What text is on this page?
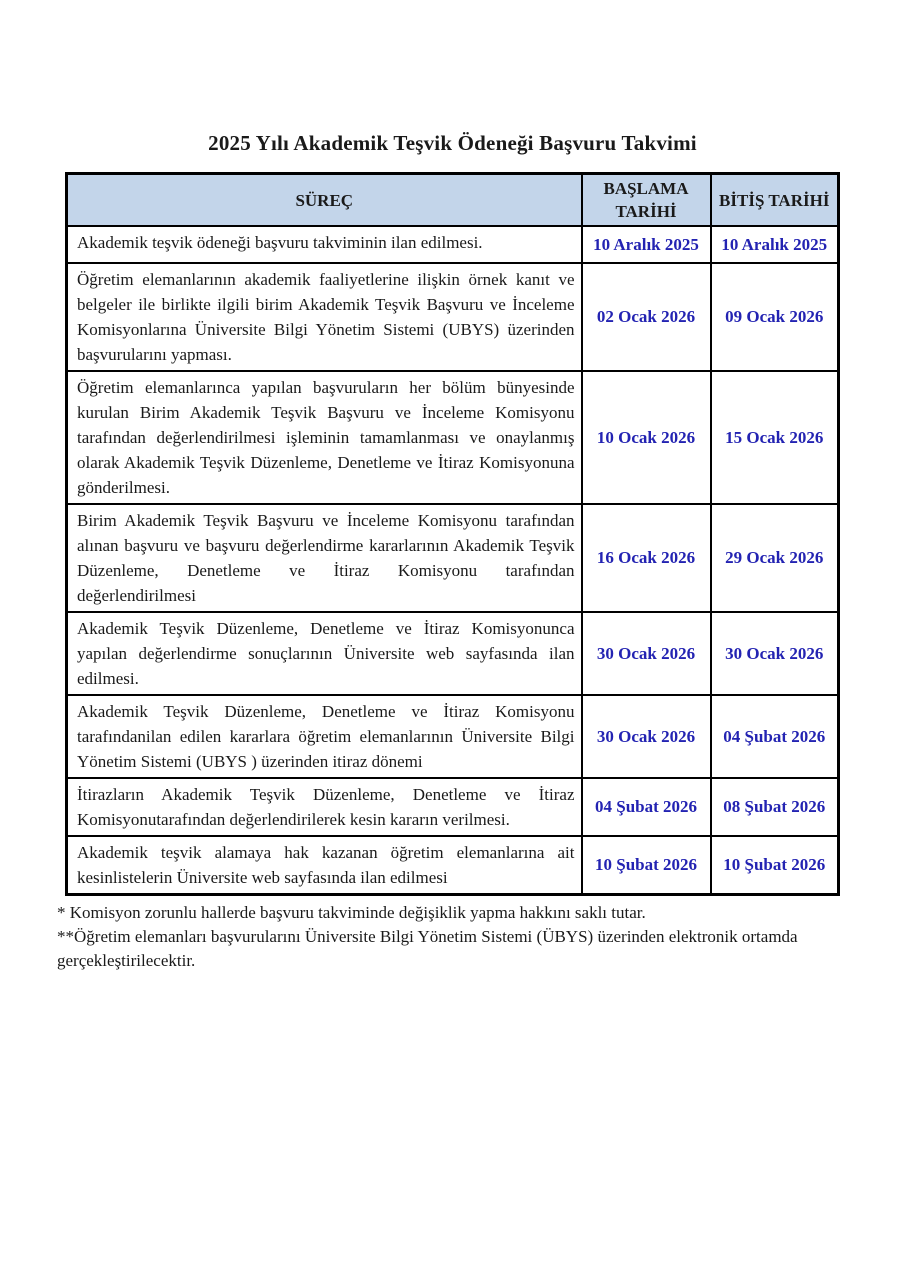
2025 Yılı Akademik Teşvik Ödeneği Başvuru Takvimi
SÜREÇ	BAŞLAMA TARİHİ	BİTİŞ TARİHİ
Akademik teşvik ödeneği başvuru takviminin ilan edilmesi.	10 Aralık 2025	10 Aralık 2025
Öğretim elemanlarının akademik faaliyetlerine ilişkin örnek kanıt ve belgeler ile birlikte ilgili birim Akademik Teşvik Başvuru ve İnceleme Komisyonlarına Üniversite Bilgi Yönetim Sistemi (UBYS) üzerinden başvurularını yapması.	02 Ocak 2026	09 Ocak 2026
Öğretim elemanlarınca yapılan başvuruların her bölüm bünyesinde kurulan Birim Akademik Teşvik Başvuru ve İnceleme Komisyonu tarafından değerlendirilmesi işleminin tamamlanması ve onaylanmış olarak Akademik Teşvik Düzenleme, Denetleme ve İtiraz Komisyonuna gönderilmesi.	10 Ocak 2026	15 Ocak 2026
Birim Akademik Teşvik Başvuru ve İnceleme Komisyonu tarafından alınan başvuru ve başvuru değerlendirme kararlarının Akademik Teşvik Düzenleme, Denetleme ve İtiraz Komisyonu tarafından değerlendirilmesi	16 Ocak 2026	29 Ocak 2026
Akademik Teşvik Düzenleme, Denetleme ve İtiraz Komisyonunca yapılan değerlendirme sonuçlarının Üniversite web sayfasında ilan edilmesi.	30 Ocak 2026	30 Ocak 2026
Akademik Teşvik Düzenleme, Denetleme ve İtiraz Komisyonu tarafındanilan edilen kararlara öğretim elemanlarının Üniversite Bilgi Yönetim Sistemi (UBYS ) üzerinden itiraz dönemi	30 Ocak 2026	04 Şubat 2026
İtirazların Akademik Teşvik Düzenleme, Denetleme ve İtiraz Komisyonutarafından değerlendirilerek kesin kararın verilmesi.	04 Şubat 2026	08 Şubat 2026
Akademik teşvik alamaya hak kazanan öğretim elemanlarına ait kesinlistelerin Üniversite web sayfasında ilan edilmesi	10 Şubat 2026	10 Şubat 2026

* Komisyon zorunlu hallerde başvuru takviminde değişiklik yapma hakkını saklı tutar.

**Öğretim elemanları başvurularını Üniversite Bilgi Yönetim Sistemi (ÜBYS) üzerinden elektronik ortamda gerçekleştirilecektir.
